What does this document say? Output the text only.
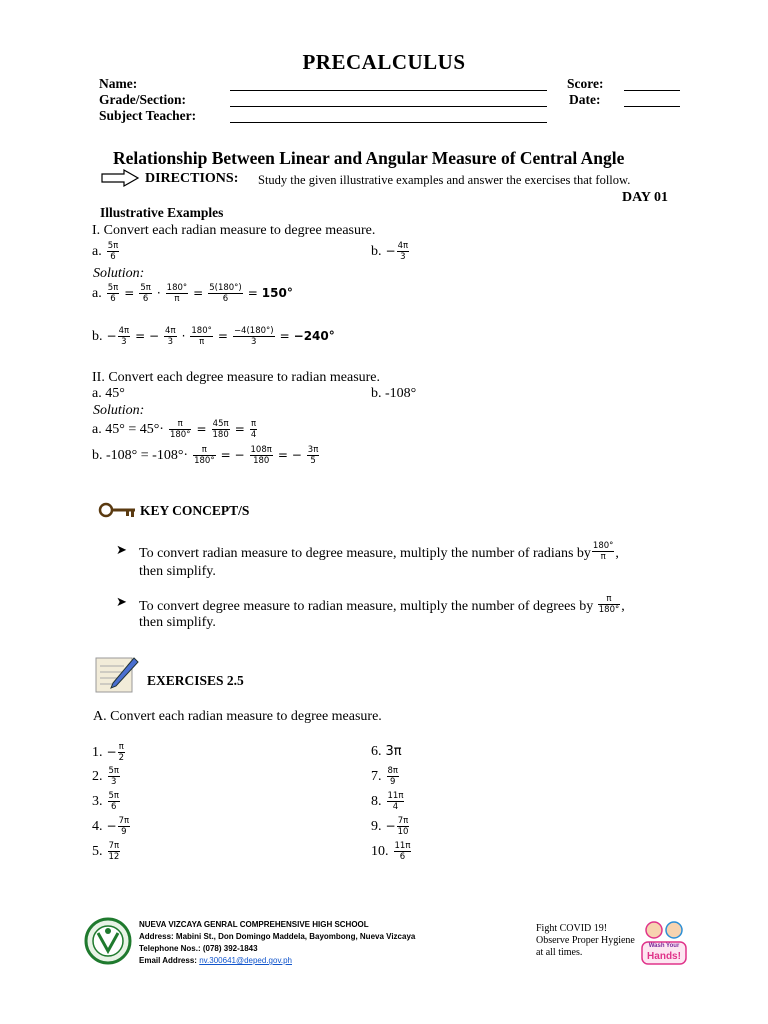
PRECALCULUS
Name:
Grade/Section:
Subject Teacher:
Score:
Date:
Relationship Between Linear and Angular Measure of Central Angle
DIRECTIONS: Study the given illustrative examples and answer the exercises that follow.
DAY 01
Illustrative Examples
I. Convert each radian measure to degree measure.
a. $\frac{5\pi}{6}$	b. − $\frac{4\pi}{3}$
Solution:
a. $\frac{5\pi}{6} = \frac{5\pi}{6} \cdot \frac{180^\circ}{\pi} = \frac{5(180^\circ)}{6} = 150^\circ$
b. − $\frac{4\pi}{3}$ = − $\frac{4\pi}{3} \cdot \frac{180^\circ}{\pi} = \frac{-4(180^\circ)}{3} = -240^\circ$
II. Convert each degree measure to radian measure.
a. 45°	b. -108°
Solution:
a. $45^\circ = 45^\circ\cdot \frac{\pi}{180^\circ} = \frac{45\pi}{180} = \frac{\pi}{4}$
b. $-108^\circ = -108^\circ\cdot \frac{\pi}{180^\circ}$ = − $\frac{108\pi}{180}$ = − $\frac{3\pi}{5}$
KEY CONCEPT/S
➤ To convert radian measure to degree measure, multiply the number of radians by $\frac{180^\circ}{\pi}$ ,
then simplify.
➤ To convert degree measure to radian measure, multiply the number of degrees by $\frac{\pi}{180^\circ}$ ,
then simplify.
EXERCISES 2.5
A. Convert each radian measure to degree measure.
1. − $\frac{\pi}{2}$
2. $\frac{5\pi}{3}$
3. $\frac{5\pi}{6}$
4. − $\frac{7\pi}{9}$
5. $\frac{7\pi}{12}$
6. 3π
7. $\frac{8\pi}{9}$
8. $\frac{11\pi}{4}$
9. − $\frac{7\pi}{10}$
10. $\frac{11\pi}{6}$
NUEVA VIZCAYA GENRAL COMPREHENSIVE HIGH SCHOOL
Address: Mabini St., Don Domingo Maddela, Bayombong, Nueva Vizcaya
Telephone Nos.: (078) 392-1843
Email Address: nv.300641@deped.gov.ph
Fight COVID 19!
Observe Proper Hygiene
at all times.
Wash Your
Hands!
